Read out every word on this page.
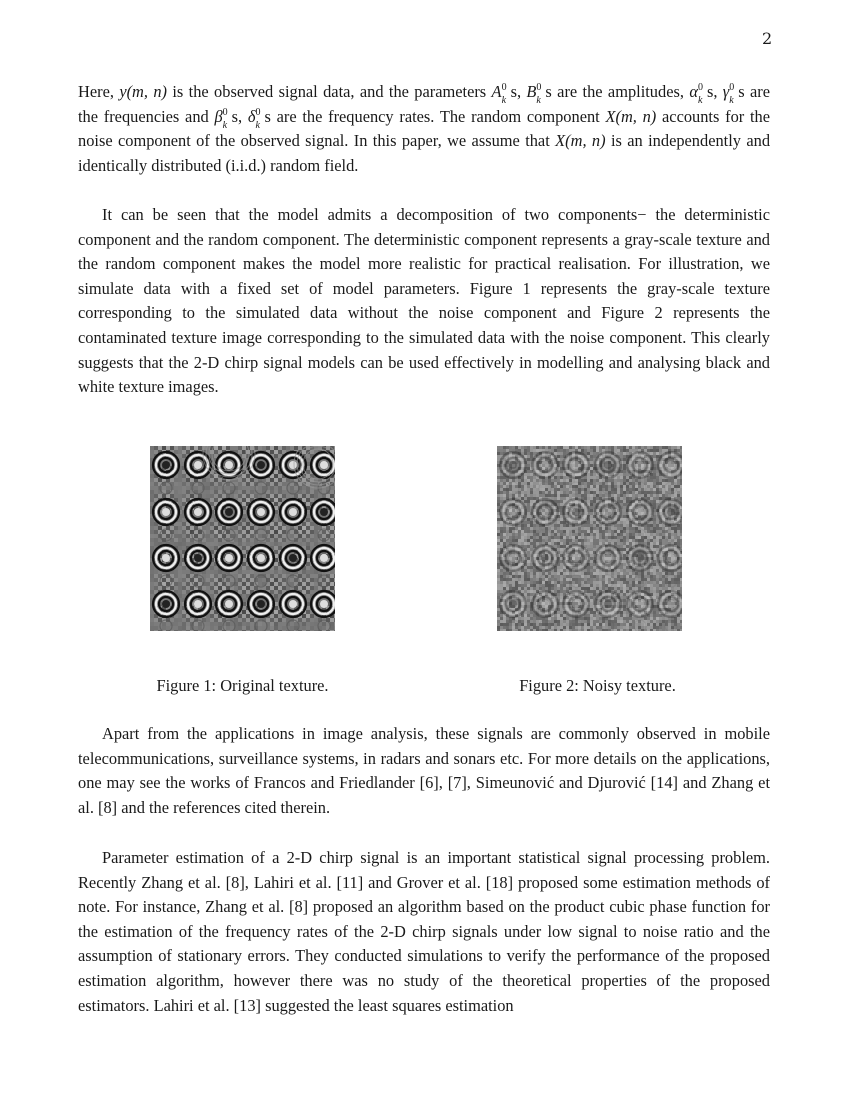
2

Here, y(m, n) is the observed signal data, and the parameters A 0
k s, B 0
k s are the amplitudes, α 0
k s, γ 0
k s are the frequencies and β 0
k s, δ 0
k s are the frequency rates. The random component X(m, n) accounts for the noise component of the observed signal. In this paper, we assume that X(m, n) is an independently and identically distributed (i.i.d.) random field.

It can be seen that the model admits a decomposition of two components− the deterministic component and the random component. The deterministic component represents a gray-scale texture and the random component makes the model more realistic for practical realisation. For illustration, we simulate data with a fixed set of model parameters. Figure 1 represents the gray-scale texture corresponding to the simulated data without the noise component and Figure 2 represents the contaminated texture image corresponding to the simulated data with the noise component. This clearly suggests that the 2-D chirp signal models can be used effectively in modelling and analysing black and white texture images.

Figure 1: Original texture.	Figure 2: Noisy texture.

Apart from the applications in image analysis, these signals are commonly observed in mobile telecommunications, surveillance systems, in radars and sonars etc. For more details on the applications, one may see the works of Francos and Friedlander [6], [7], Simeunović and Djurović [14] and Zhang et al. [8] and the references cited therein.

Parameter estimation of a 2-D chirp signal is an important statistical signal processing problem. Recently Zhang et al. [8], Lahiri et al. [11] and Grover et al. [18] proposed some estimation methods of note. For instance, Zhang et al. [8] proposed an algorithm based on the product cubic phase function for the estimation of the frequency rates of the 2-D chirp signals under low signal to noise ratio and the assumption of stationary errors. They conducted simulations to verify the performance of the proposed estimation algorithm, however there was no study of the theoretical properties of the proposed estimators. Lahiri et al. [13] suggested the least squares estimation
